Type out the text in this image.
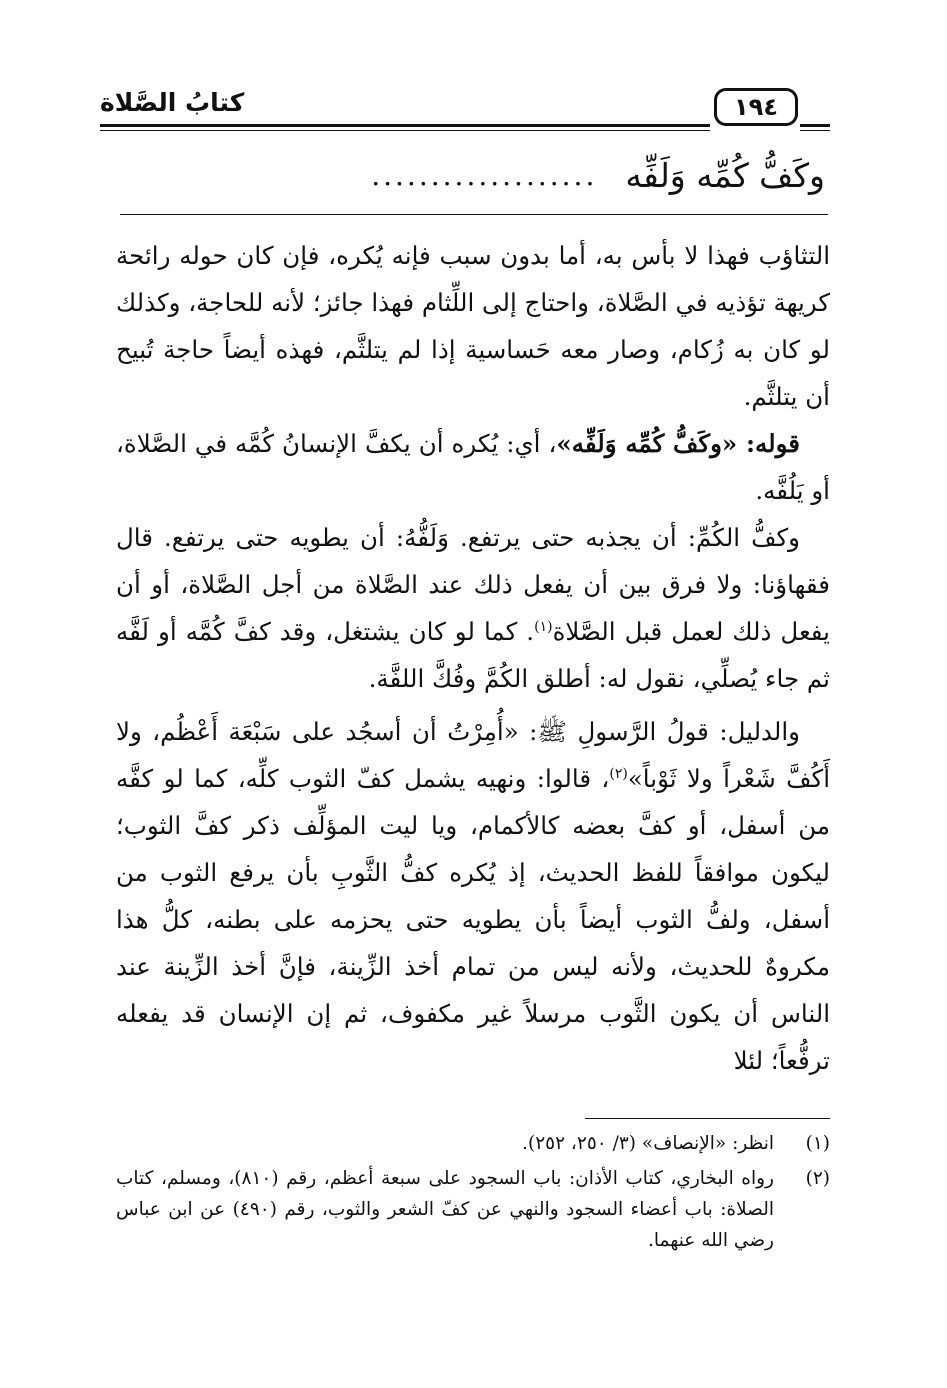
كتابُ الصَّلاة	١٩٤
وكَفُّ كُمِّه وَلَفِّه
...................

التثاؤب فهذا لا بأس به، أما بدون سبب فإنه يُكره، فإن كان حوله رائحة كريهة تؤذيه في الصَّلاة، واحتاج إلى اللِّثام فهذا جائز؛ لأنه للحاجة، وكذلك لو كان به زُكام، وصار معه حَساسية إذا لم يتلثَّم، فهذه أيضاً حاجة تُبيح أن يتلثَّم.

قوله: «وكَفُّ كُمِّه وَلَفِّه»، أي: يُكره أن يكفَّ الإنسانُ كُمَّه في الصَّلاة، أو يَلُفَّه.

وكفُّ الكُمِّ: أن يجذبه حتى يرتفع. وَلَفُّهُ: أن يطويه حتى يرتفع. قال فقهاؤنا: ولا فرق بين أن يفعل ذلك عند الصَّلاة من أجل الصَّلاة، أو أن يفعل ذلك لعمل قبل الصَّلاة$^{(١)}$. كما لو كان يشتغل، وقد كفَّ كُمَّه أو لَفَّه ثم جاء يُصلِّي، نقول له: أطلق الكُمَّ وفُكَّ اللفَّة.

والدليل: قولُ الرَّسولِ ﷺ: «أُمِرْتُ أن أسجُد على سَبْعَة أَعْظُم، ولا أَكُفَّ شَعْراً ولا ثَوْباً»$^{(٢)}$، قالوا: ونهيه يشمل كفّ الثوب كلِّه، كما لو كفَّه من أسفل، أو كفَّ بعضه كالأكمام، ويا ليت المؤلِّف ذكر كفَّ الثوب؛ ليكون موافقاً للفظ الحديث، إذ يُكره كفُّ الثَّوبِ بأن يرفع الثوب من أسفل، ولفُّ الثوب أيضاً بأن يطويه حتى يحزمه على بطنه، كلُّ هذا مكروهٌ للحديث، ولأنه ليس من تمام أخذ الزِّينة، فإنَّ أخذ الزِّينة عند الناس أن يكون الثَّوب مرسلاً غير مكفوف، ثم إن الإنسان قد يفعله ترفُّعاً؛ لئلا

(١)
انظر: «الإنصاف» (٣/ ٢٥٠، ٢٥٢).
(٢)
رواه البخاري، كتاب الأذان: باب السجود على سبعة أعظم، رقم (٨١٠)، ومسلم، كتاب الصلاة: باب أعضاء السجود والنهي عن كفّ الشعر والثوب، رقم (٤٩٠) عن ابن عباس رضي الله عنهما.
